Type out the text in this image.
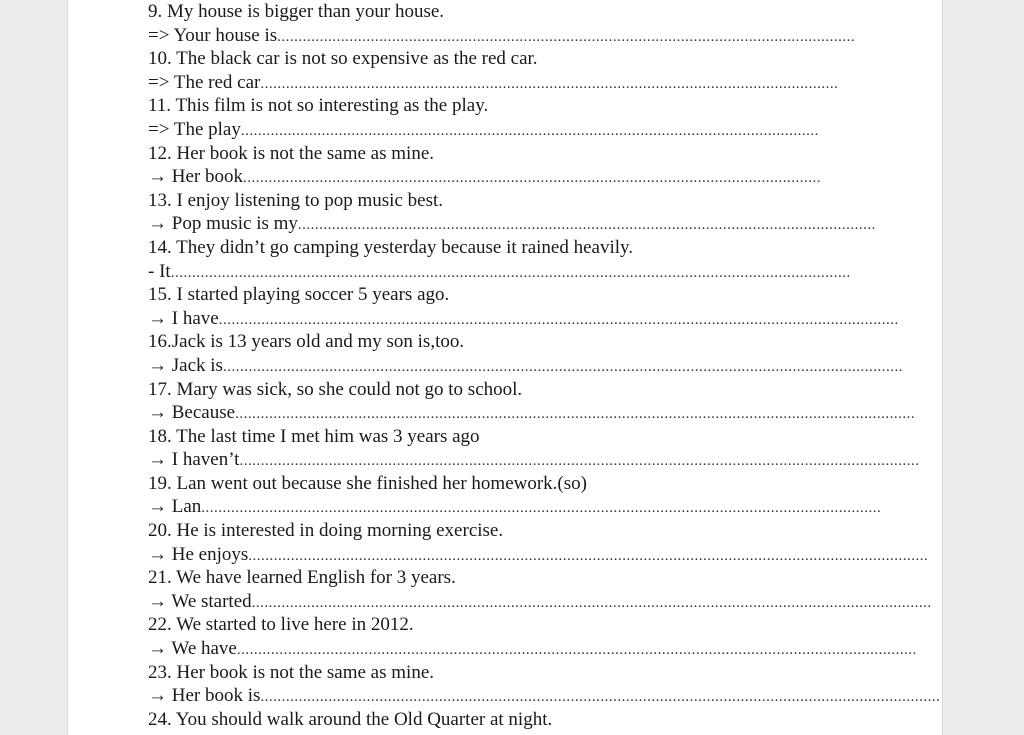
9. My house is bigger than your house.
=> Your house is ........................................................................................................................................
10. The black car is not so expensive as the red car.
=> The red car ........................................................................................................................................
11. This film is not so interesting as the play.
=> The play ........................................................................................................................................
12. Her book is not the same as mine.
→ Her book ........................................................................................................................................
13. I enjoy listening to pop music best.
→ Pop music is my ........................................................................................................................................
14. They didn’t go camping yesterday because it rained heavily.
- It ................................................................................................................................................................
15. I started playing soccer 5 years ago.
→ I have ................................................................................................................................................................
16.Jack is 13 years old and my son is,too.
→ Jack is ................................................................................................................................................................
17. Mary was sick, so she could not go to school.
→ Because ................................................................................................................................................................
18. The last time I met him was 3 years ago
→ I haven’t ................................................................................................................................................................
19. Lan went out because she finished her homework.(so)
→ Lan ................................................................................................................................................................
20. He is interested in doing morning exercise.
→ He enjoys ................................................................................................................................................................
21. We have learned English for 3 years.
→ We started ................................................................................................................................................................
22. We started to live here in 2012.
→ We have ................................................................................................................................................................
23. Her book is not the same as mine.
→ Her book is ................................................................................................................................................................
24. You should walk around the Old Quarter at night.
